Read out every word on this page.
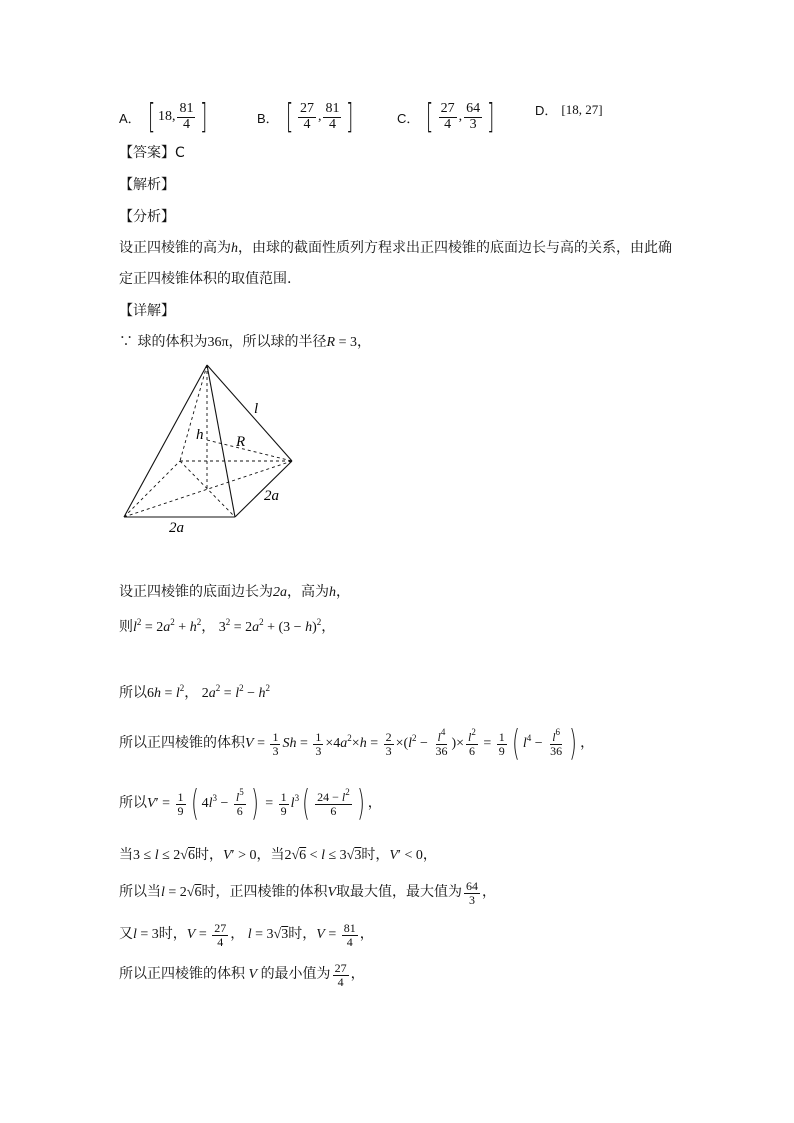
A． [ 18 , $\frac{81}{4}$ ]	B． [ $\frac{27}{4}$ , $\frac{81}{4}$ ]	C． [ $\frac{27}{4}$ , $\frac{64}{3}$ ]	D． [18, 27]
【答案】C
【解析】
【分析】
设正四棱锥的高为h，由球的截面性质列方程求出正四棱锥的底面边长与高的关系，由此确
定正四棱锥体积的取值范围.
【详解】
∵ 球的体积为36π，所以球的半径R = 3，
l
h R
2a
2a
设正四棱锥的底面边长为2a，高为h，
则$l^2 = 2a^2 + h^2$， $3^2 = 2a^2 + (3 - h)^2$，
所以$6h = l^2$， $2a^2 = l^2 - h^2$
所以正四棱锥的体积 $V = \frac{1}{3}$ $Sh = \frac{1}{3} \times 4a^2\times h = \frac{2}{3} \times(l^2 - \frac{l^4}{36}$ )× $\frac{l^2}{6} = \frac{1}{9}$ ( $l^4 - \frac{l^6}{36}$ ) ，
所以 V ′ = $\frac{1}{9}$ ( $4l^3 - \frac{l^5}{6}$ ) = $\frac{1}{9} l^3$ ( $\frac{24 - l^2}{6}$ ) ，
当3 ≤ l ≤ 2√6时，V′ > 0，当2√6 < l ≤ 3√3时，V′ < 0，
所以当 l = 2√6 时，正四棱锥的体积 V 取最大值，最大值为 $\frac{64}{3}$ ，
又 l = 3 时， $V = \frac{27}{4}$ ， l = 3√3 时， $V = \frac{81}{4}$ ，
所以正四棱锥的体积 V 的最小值为 $\frac{27}{4}$ ，
